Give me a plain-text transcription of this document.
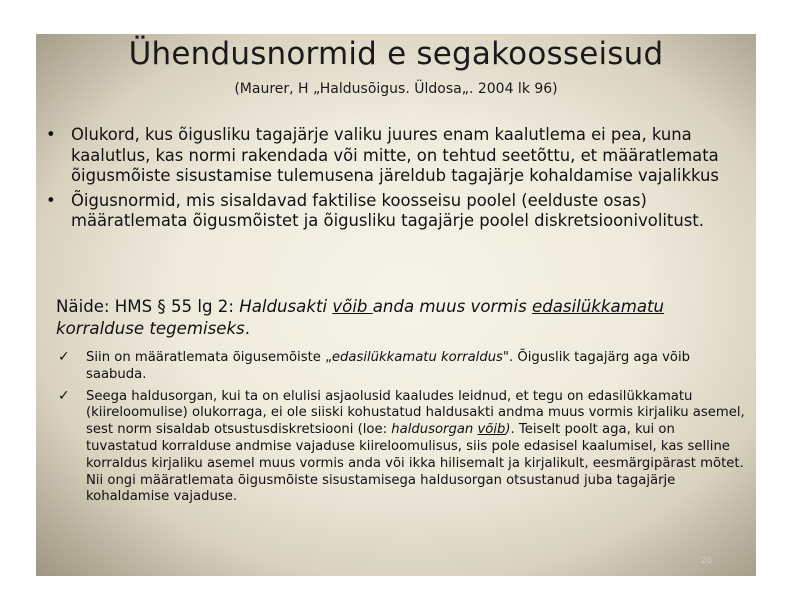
Ühendusnormid e segakoosseisud
(Maurer, H „Haldusõigus. Üldosa„. 2004 lk 96)
• Olukord, kus õigusliku tagajärje valiku juures enam kaalutlema ei pea, kuna kaalutlus, kas normi rakendada või mitte, on tehtud seetõttu, et määratlemata õigusmõiste sisustamise tulemusena järeldub tagajärje kohaldamise vajalikkus
• Õigusnormid, mis sisaldavad faktilise koosseisu poolel (eelduste osas) määratlemata õigusmõistet ja õigusliku tagajärje poolel diskretsioonivolitust.
Näide: HMS § 55 lg 2: Haldusakti võib anda muus vormis edasilükkamatu korralduse tegemiseks.
✓ Siin on määratlemata õigusemõiste „edasilükkamatu korraldus". Õiguslik tagajärg aga võib saabuda.
✓ Seega haldusorgan, kui ta on elulisi asjaolusid kaaludes leidnud, et tegu on edasilükkamatu (kiireloomulise) olukorraga, ei ole siiski kohustatud haldusakti andma muus vormis kirjaliku asemel, sest norm sisaldab otsustusdiskretsiooni (loe: haldusorgan võib). Teiselt poolt aga, kui on tuvastatud korralduse andmise vajaduse kiireloomulisus, siis pole edasisel kaalumisel, kas selline korraldus kirjaliku asemel muus vormis anda või ikka hilisemalt ja kirjalikult, eesmärgipärast mõtet. Nii ongi määratlemata õigusmõiste sisustamisega haldusorgan otsustanud juba tagajärje kohaldamise vajaduse.
20
